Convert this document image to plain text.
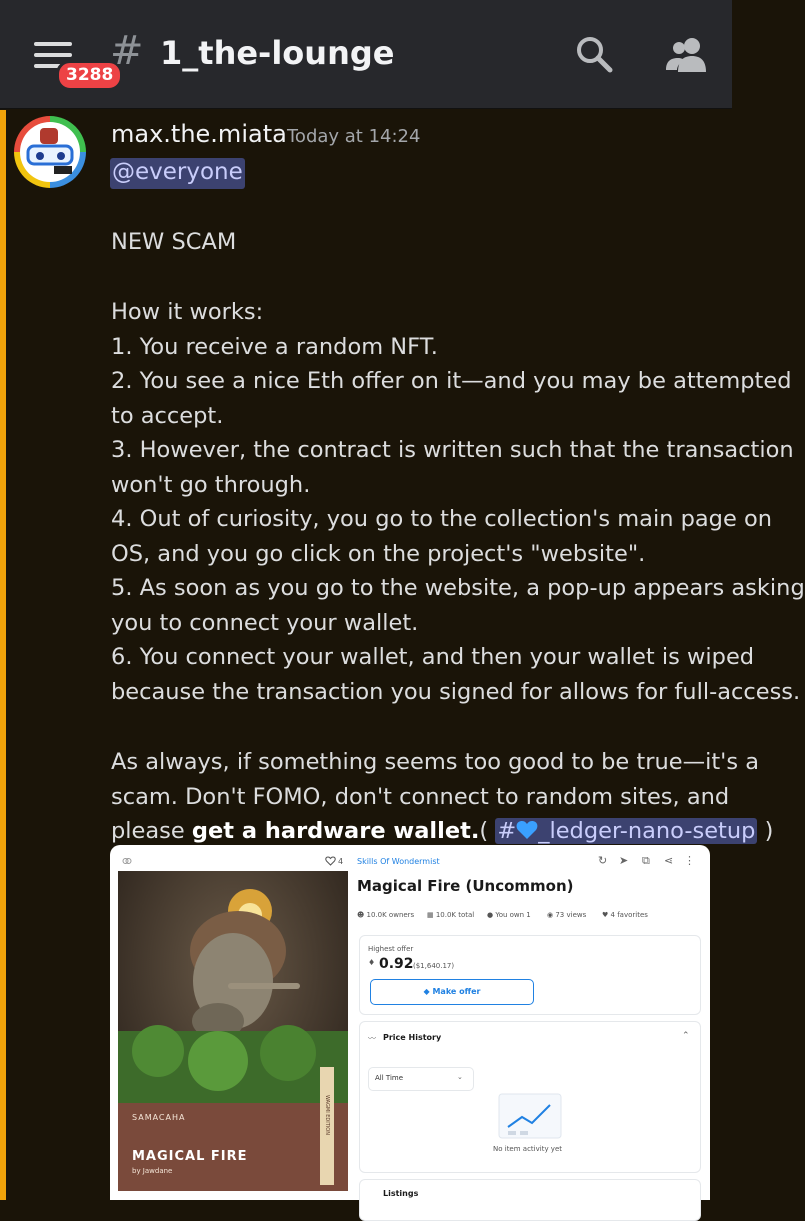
3288
# 1_the-lounge
max.the.miata Today at 14:24
@everyone
NEW SCAM
How it works:
1. You receive a random NFT.
2. You see a nice Eth offer on it—and you may be attempted
to accept.
3. However, the contract is written such that the transaction
won't go through.
4. Out of curiosity, you go to the collection's main page on
OS, and you go click on the project's "website".
5. As soon as you go to the website, a pop-up appears asking
you to connect your wallet.
6. You connect your wallet, and then your wallet is wiped
because the transaction you signed for allows for full-access.
As always, if something seems too good to be true—it's a
scam. Don't FOMO, don't connect to random sites, and
please get a hardware wallet.( # _ledger-nano-setup )
4 Skills Of Wondermist	↻ ➤ ⧉ ⋖ ⋮
SAMACAHA
MAGICAL FIRE
by Jawdane
WAGMI EDITION
Magical Fire (Uncommon)
☻ 10.0K owners ▦ 10.0K total ● You own 1 ◉ 73 views ♥ 4 favorites
Highest offer
♦ 0.92 ($1,640.17)
◆ Make offer
〰 Price History	⌃
All Time	⌄
No item activity yet
Listings
